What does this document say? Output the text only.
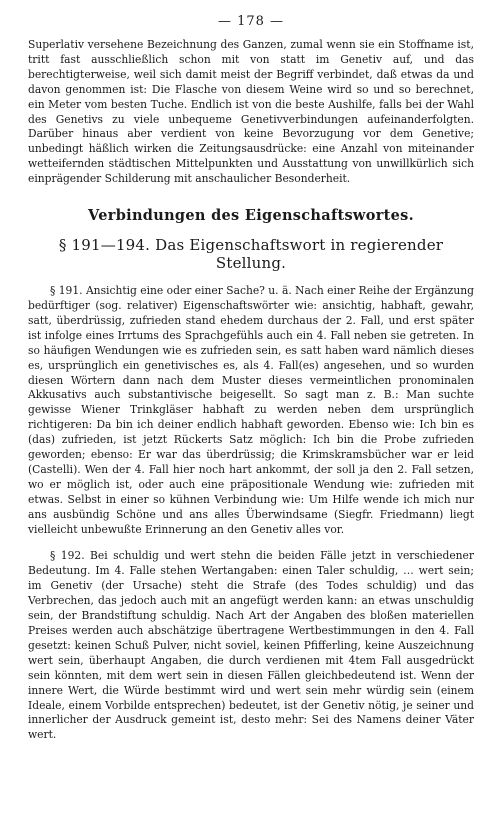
— 178 —

Superlativ versehene Bezeichnung des Ganzen, zumal wenn sie ein Stoffname ist, tritt fast ausschließlich schon mit von statt im Genetiv auf, und das berechtigterweise, weil sich damit meist der Begriff verbindet, daß etwas da und davon genommen ist: Die Flasche von diesem Weine wird so und so berechnet, ein Meter vom besten Tuche. Endlich ist von die beste Aushilfe, falls bei der Wahl des Genetivs zu viele unbequeme Genetivverbindungen aufeinanderfolgten. Darüber hinaus aber verdient von keine Bevorzugung vor dem Genetive; unbedingt häßlich wirken die Zeitungsausdrücke: eine Anzahl von miteinander wetteifernden städtischen Mittelpunkten und Ausstattung von unwillkürlich sich einprägender Schilderung mit anschaulicher Besonderheit.

Verbindungen des Eigenschaftswortes.
§ 191—194. Das Eigenschaftswort in regierender Stellung.

§ 191. Ansichtig eine oder einer Sache? u. ä. Nach einer Reihe der Ergänzung bedürftiger (sog. relativer) Eigenschaftswörter wie: ansichtig, habhaft, gewahr, satt, überdrüssig, zufrieden stand ehedem durchaus der 2. Fall, und erst später ist infolge eines Irrtums des Sprachgefühls auch ein 4. Fall neben sie getreten. In so häufigen Wendungen wie es zufrieden sein, es satt haben ward nämlich dieses es, ursprünglich ein genetivisches es, als 4. Fall(es) angesehen, und so wurden diesen Wörtern dann nach dem Muster dieses vermeintlichen pronominalen Akkusativs auch substantivische beigesellt. So sagt man z. B.: Man suchte gewisse Wiener Trinkgläser habhaft zu werden neben dem ursprünglich richtigeren: Da bin ich deiner endlich habhaft geworden. Ebenso wie: Ich bin es (das) zufrieden, ist jetzt Rückerts Satz möglich: Ich bin die Probe zufrieden geworden; ebenso: Er war das überdrüssig; die Krimskramsbücher war er leid (Castelli). Wen der 4. Fall hier noch hart ankommt, der soll ja den 2. Fall setzen, wo er möglich ist, oder auch eine präpositionale Wendung wie: zufrieden mit etwas. Selbst in einer so kühnen Verbindung wie: Um Hilfe wende ich mich nur ans ausbündig Schöne und ans alles Überwindsame (Siegfr. Friedmann) liegt vielleicht unbewußte Erinnerung an den Genetiv alles vor.

§ 192. Bei schuldig und wert stehn die beiden Fälle jetzt in verschiedener Bedeutung. Im 4. Falle stehen Wertangaben: einen Taler schuldig, … wert sein; im Genetiv (der Ursache) steht die Strafe (des Todes schuldig) und das Verbrechen, das jedoch auch mit an angefügt werden kann: an etwas unschuldig sein, der Brandstiftung schuldig. Nach Art der Angaben des bloßen materiellen Preises werden auch abschätzige übertragene Wertbestimmungen in den 4. Fall gesetzt: keinen Schuß Pulver, nicht soviel, keinen Pfifferling, keine Auszeichnung wert sein, überhaupt Angaben, die durch verdienen mit 4tem Fall ausgedrückt sein könnten, mit dem wert sein in diesen Fällen gleichbedeutend ist. Wenn der innere Wert, die Würde bestimmt wird und wert sein mehr würdig sein (einem Ideale, einem Vorbilde entsprechen) bedeutet, ist der Genetiv nötig, je seiner und innerlicher der Ausdruck gemeint ist, desto mehr: Sei des Namens deiner Väter wert.
